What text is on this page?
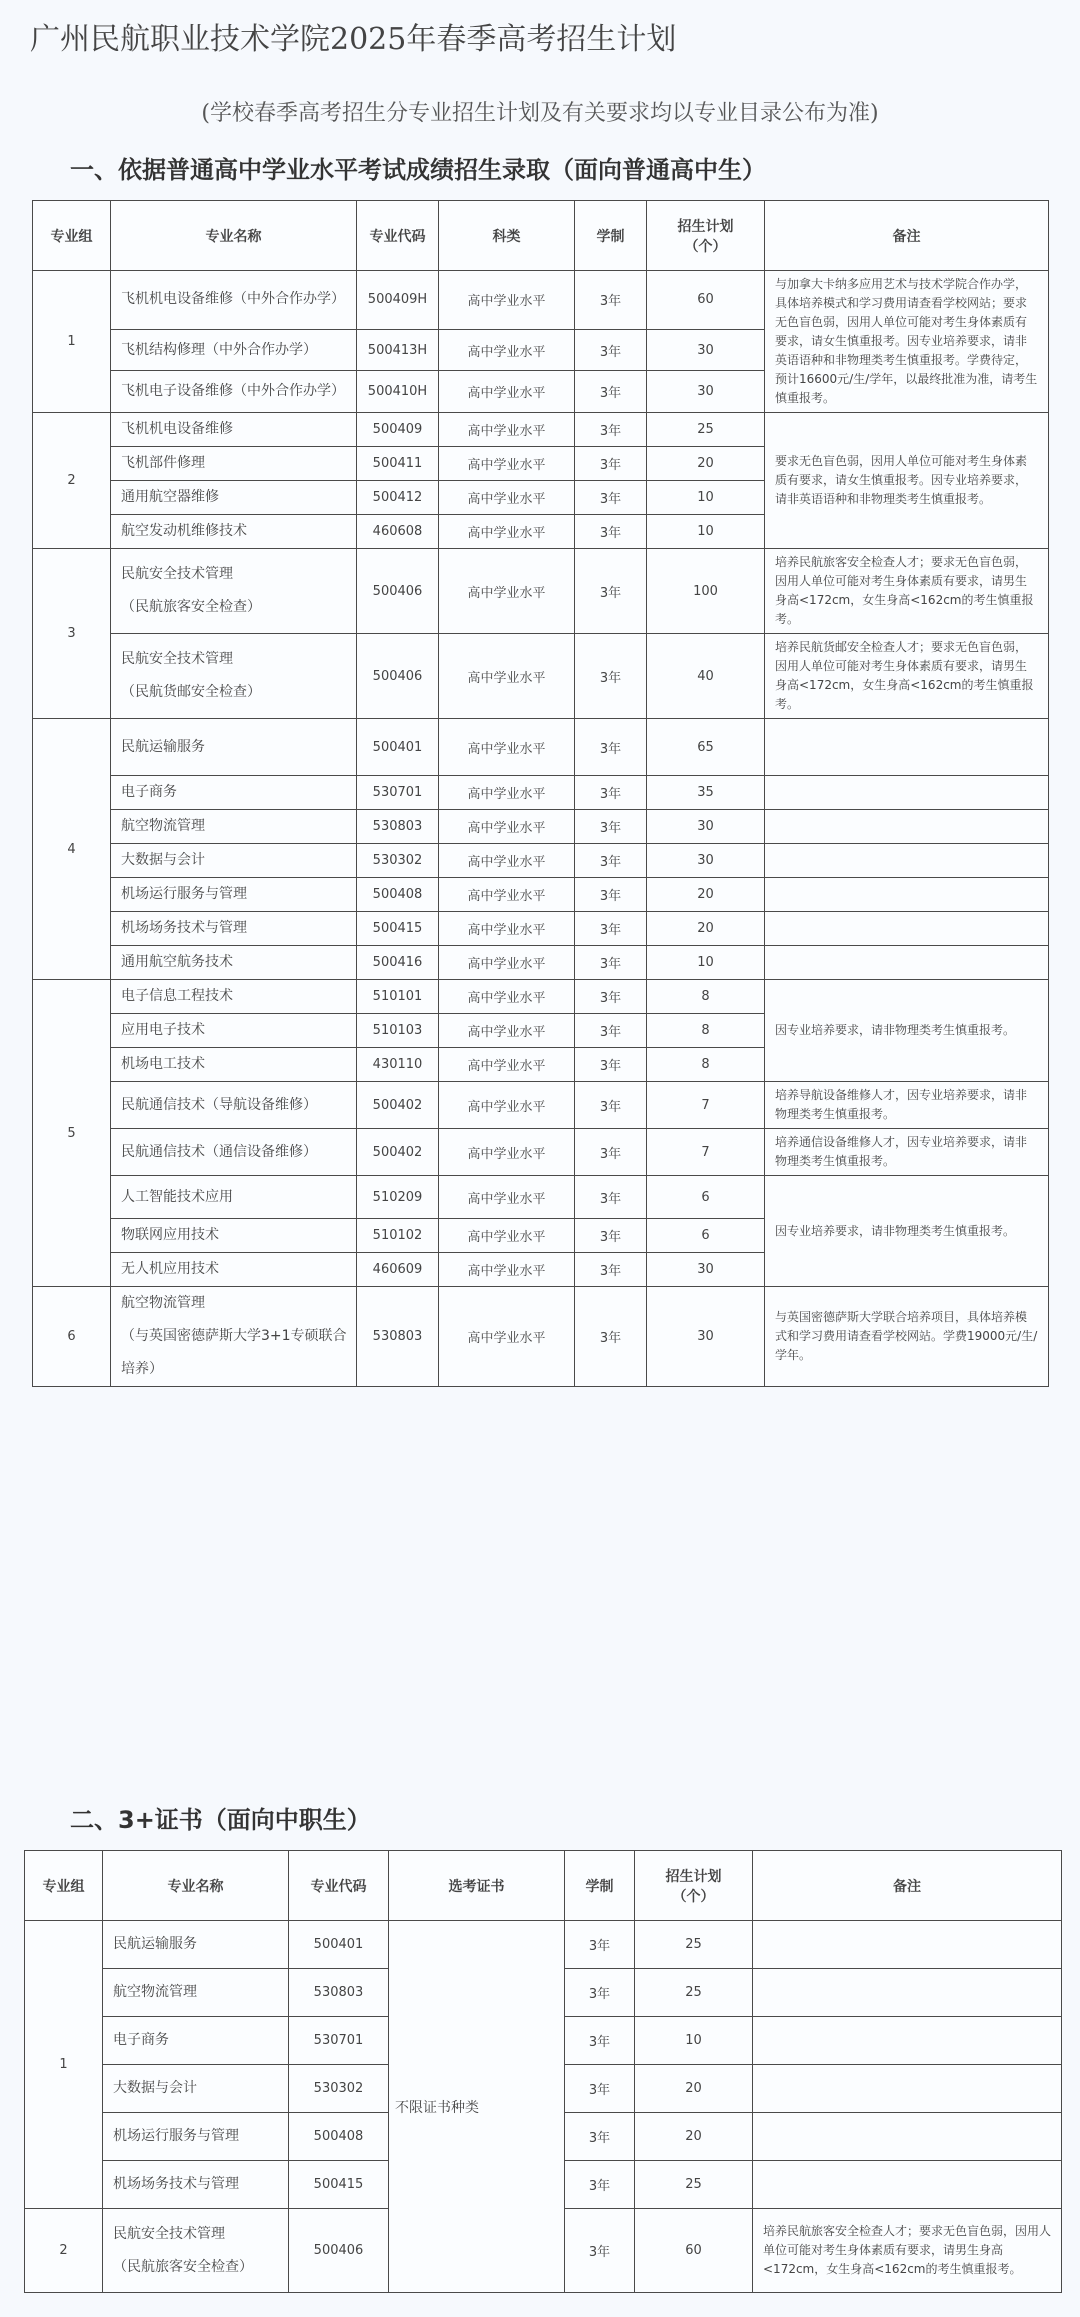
广州民航职业技术学院2025年春季高考招生计划
(学校春季高考招生分专业招生计划及有关要求均以专业目录公布为准)
一、依据普通高中学业水平考试成绩招生录取（面向普通高中生）
专业组	专业名称	专业代码	科类	学制	招生计划
（个）	备注
1	飞机机电设备维修（中外合作办学）	500409H	高中学业水平	3年	60	与加拿大卡纳多应用艺术与技术学院合作办学，具体培养模式和学习费用请查看学校网站；要求无色盲色弱，因用人单位可能对考生身体素质有要求，请女生慎重报考。因专业培养要求，请非英语语种和非物理类考生慎重报考。学费待定，预计16600元/生/学年，以最终批准为准，请考生慎重报考。
	飞机结构修理（中外合作办学）	500413H	高中学业水平	3年	30	
	飞机电子设备维修（中外合作办学）	500410H	高中学业水平	3年	30	
2	飞机机电设备维修	500409	高中学业水平	3年	25	要求无色盲色弱，因用人单位可能对考生身体素质有要求，请女生慎重报考。因专业培养要求，请非英语语种和非物理类考生慎重报考。
	飞机部件修理	500411	高中学业水平	3年	20	
	通用航空器维修	500412	高中学业水平	3年	10	
	航空发动机维修技术	460608	高中学业水平	3年	10	
3	民航安全技术管理
（民航旅客安全检查）	500406	高中学业水平	3年	100	培养民航旅客安全检查人才；要求无色盲色弱，因用人单位可能对考生身体素质有要求，请男生身高<172cm，女生身高<162cm的考生慎重报考。
	民航安全技术管理
（民航货邮安全检查）	500406	高中学业水平	3年	40	培养民航货邮安全检查人才；要求无色盲色弱，因用人单位可能对考生身体素质有要求，请男生身高<172cm，女生身高<162cm的考生慎重报考。
4	民航运输服务	500401	高中学业水平	3年	65	
	电子商务	530701	高中学业水平	3年	35	
	航空物流管理	530803	高中学业水平	3年	30	
	大数据与会计	530302	高中学业水平	3年	30	
	机场运行服务与管理	500408	高中学业水平	3年	20	
	机场场务技术与管理	500415	高中学业水平	3年	20	
	通用航空航务技术	500416	高中学业水平	3年	10	
5	电子信息工程技术	510101	高中学业水平	3年	8	因专业培养要求，请非物理类考生慎重报考。
	应用电子技术	510103	高中学业水平	3年	8	
	机场电工技术	430110	高中学业水平	3年	8	
	民航通信技术（导航设备维修）	500402	高中学业水平	3年	7	培养导航设备维修人才，因专业培养要求，请非物理类考生慎重报考。
	民航通信技术（通信设备维修）	500402	高中学业水平	3年	7	培养通信设备维修人才，因专业培养要求，请非物理类考生慎重报考。
	人工智能技术应用	510209	高中学业水平	3年	6	因专业培养要求，请非物理类考生慎重报考。
	物联网应用技术	510102	高中学业水平	3年	6	
	无人机应用技术	460609	高中学业水平	3年	30	
6	航空物流管理
（与英国密德萨斯大学3+1专硕联合培养）	530803	高中学业水平	3年	30	与英国密德萨斯大学联合培养项目，具体培养模式和学习费用请查看学校网站。学费19000元/生/学年。
二、3+证书（面向中职生）
专业组	专业名称	专业代码	选考证书	学制	招生计划
（个）	备注
1	民航运输服务	500401	不限证书种类	3年	25	
	航空物流管理	530803		3年	25	
	电子商务	530701		3年	10	
	大数据与会计	530302		3年	20	
	机场运行服务与管理	500408		3年	20	
	机场场务技术与管理	500415		3年	25	
2	民航安全技术管理
（民航旅客安全检查）	500406		3年	60	培养民航旅客安全检查人才；要求无色盲色弱，因用人单位可能对考生身体素质有要求，请男生身高<172cm，女生身高<162cm的考生慎重报考。
